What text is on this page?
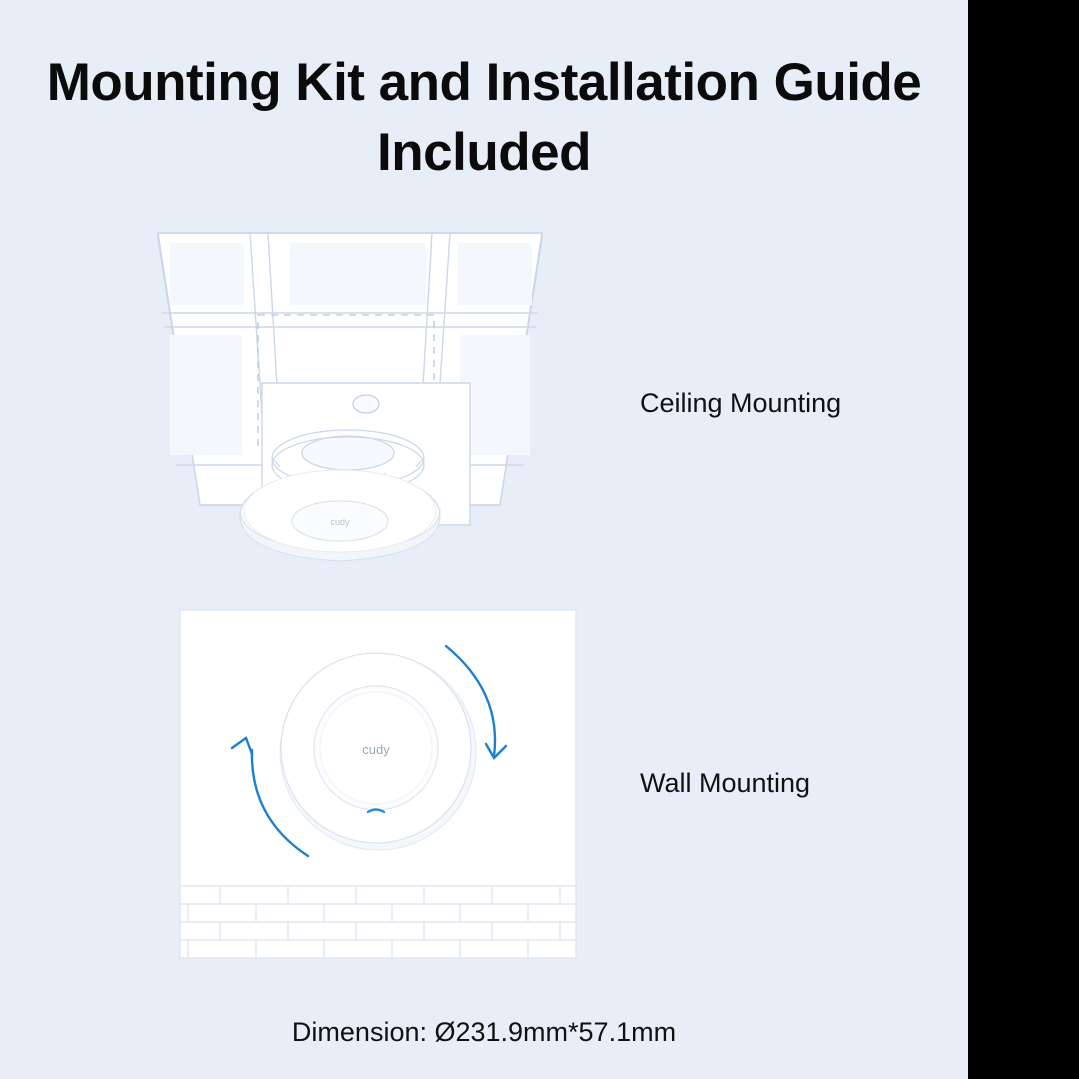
Mounting Kit and Installation Guide Included
cudy
cudy
Ceiling Mounting
Wall Mounting
Dimension: Ø231.9mm*57.1mm
